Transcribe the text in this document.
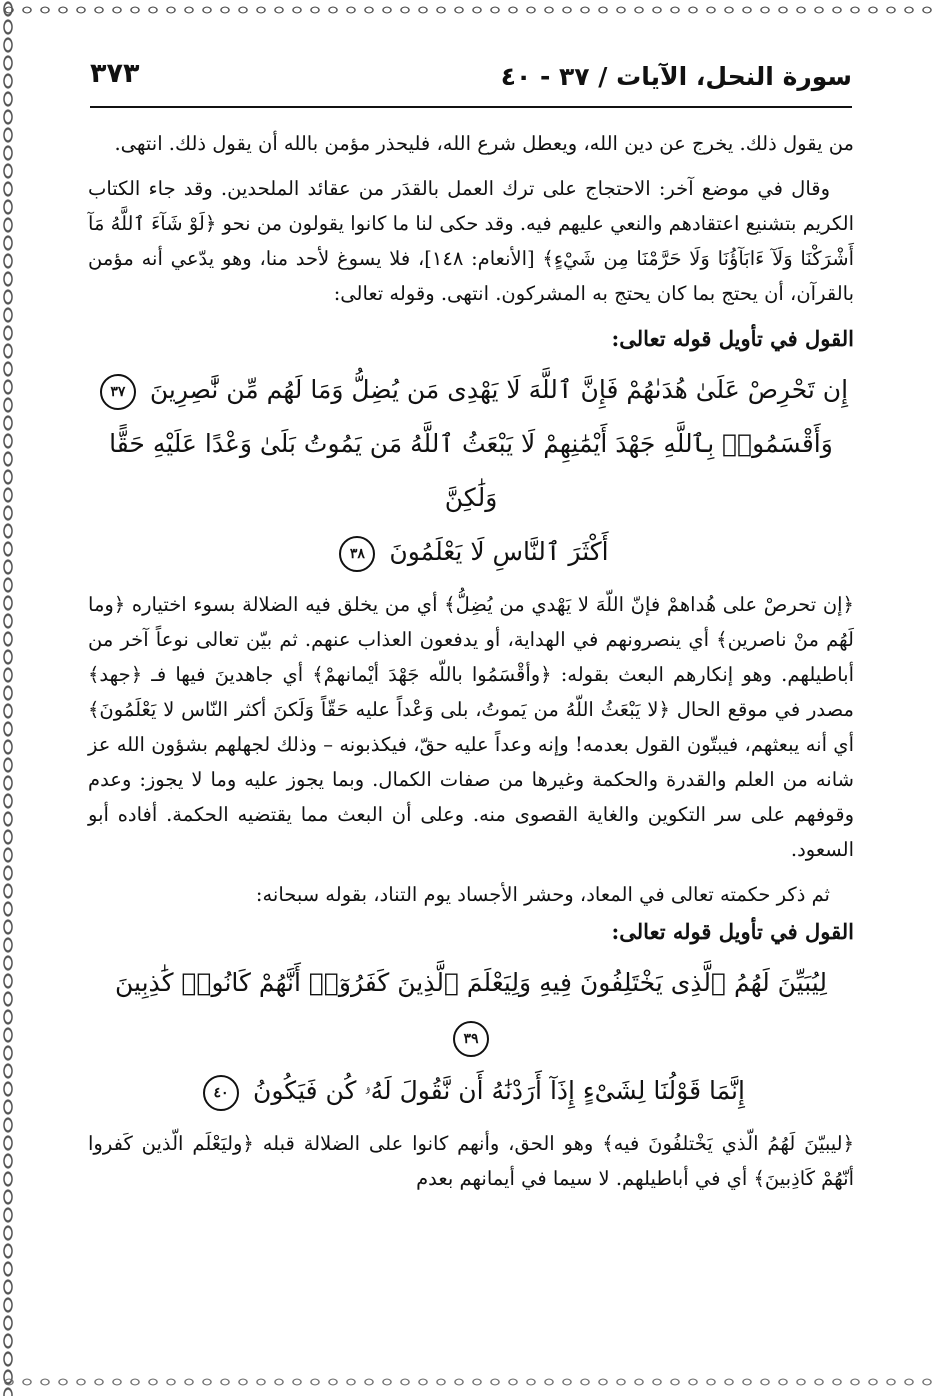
سورة النحل، الآيات / ٣٧ - ٤٠
٣٧٣

من يقول ذلك. يخرج عن دين الله، ويعطل شرع الله، فليحذر مؤمن بالله أن يقول ذلك. انتهى.

وقال في موضع آخر: الاحتجاج على ترك العمل بالقدَر من عقائد الملحدين. وقد جاء الكتاب الكريم بتشنيع اعتقادهم والنعي عليهم فيه. وقد حكى لنا ما كانوا يقولون من نحو ﴿لَوْ شَآءَ ٱللَّهُ مَآ أَشْرَكْنَا وَلَآ ءَابَآؤُنَا وَلَا حَرَّمْنَا مِن شَيْءٍ﴾ [الأنعام: ١٤٨]، فلا يسوغ لأحد منا، وهو يدّعي أنه مؤمن بالقرآن، أن يحتج بما كان يحتج به المشركون. انتهى. وقوله تعالى:

القول في تأويل قوله تعالى:

إِن تَحْرِصْ عَلَىٰ هُدَىٰهُمْ فَإِنَّ ٱللَّهَ لَا يَهْدِى مَن يُضِلُّ وَمَا لَهُم مِّن نَّٰصِرِينَ ٣٧

وَأَقْسَمُوا۟ بِٱللَّهِ جَهْدَ أَيْمَٰنِهِمْ لَا يَبْعَثُ ٱللَّهُ مَن يَمُوتُ بَلَىٰ وَعْدًا عَلَيْهِ حَقًّا وَلَٰكِنَّ

أَكْثَرَ ٱلنَّاسِ لَا يَعْلَمُونَ ٣٨

﴿إن تحرصْ على هُداهمْ فإنّ اللّهَ لا يَهْدي من يُضِلُّ﴾ أي من يخلق فيه الضلالة بسوء اختياره ﴿وما لَهُم منْ ناصرين﴾ أي ينصرونهم في الهداية، أو يدفعون العذاب عنهم. ثم بيّن تعالى نوعاً آخر من أباطيلهم. وهو إنكارهم البعث بقوله: ﴿وأقْسَمُوا باللّه جَهْدَ أيْمانهمْ﴾ أي جاهدينَ فيها فـ ﴿جهد﴾ مصدر في موقع الحال ﴿لا يَبْعَثُ اللّهُ من يَموتُ، بلى وَعْداً عليه حَقّاً وَلَكنَ أكثر النّاس لا يَعْلَمُونَ﴾ أي أنه يبعثهم، فيبتّون القول بعدمه! وإنه وعداً عليه حقّ، فيكذبونه – وذلك لجهلهم بشؤون الله عز شانه من العلم والقدرة والحكمة وغيرها من صفات الكمال. وبما يجوز عليه وما لا يجوز: وعدم وقوفهم على سر التكوين والغاية القصوى منه. وعلى أن البعث مما يقتضيه الحكمة. أفاده أبو السعود.

ثم ذكر حكمته تعالى في المعاد، وحشر الأجساد يوم التناد، بقوله سبحانه:

القول في تأويل قوله تعالى:

لِيُبَيِّنَ لَهُمُ ٱلَّذِى يَخْتَلِفُونَ فِيهِ وَلِيَعْلَمَ ٱلَّذِينَ كَفَرُوٓا۟ أَنَّهُمْ كَانُوا۟ كَٰذِبِينَ ٣٩

إِنَّمَا قَوْلُنَا لِشَىْءٍ إِذَآ أَرَدْنَٰهُ أَن نَّقُولَ لَهُۥ كُن فَيَكُونُ ٤٠

﴿ليبيّنَ لَهُمُ الّذي يَخْتلفُونَ فيه﴾ وهو الحق، وأنهم كانوا على الضلالة قبله ﴿وليَعْلَم الّذين كَفروا أنّهُمْ كَاذِبينَ﴾ أي في أباطيلهم. لا سيما في أيمانهم بعدم
